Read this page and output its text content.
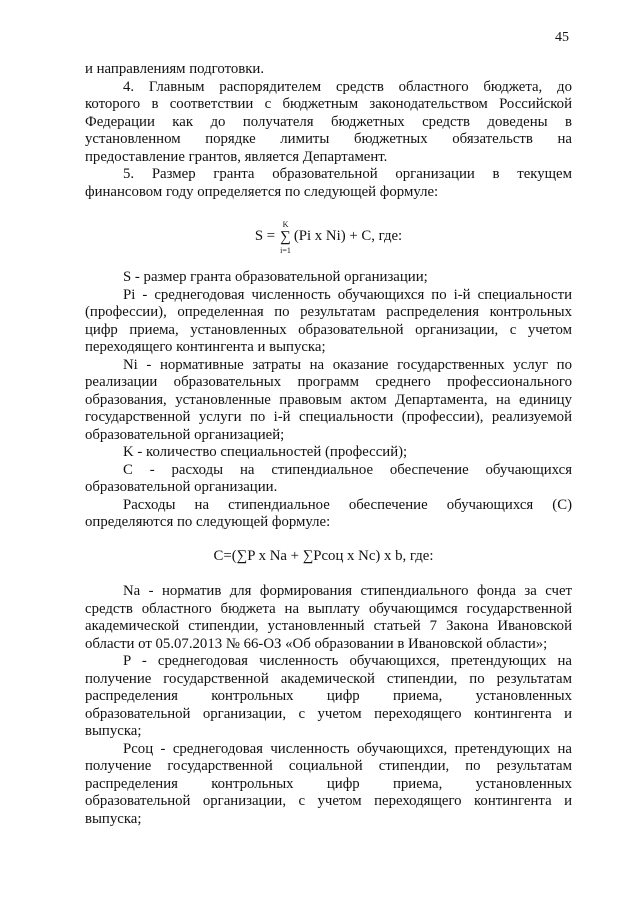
45
и направлениям подготовки.
4. Главным распорядителем средств областного бюджета, до
которого в соответствии с бюджетным законодательством Российской
Федерации как до получателя бюджетных средств доведены в
установленном порядке лимиты бюджетных обязательств на
предоставление грантов, является Департамент.
5. Размер гранта образовательной организации в текущем
финансовом году определяется по следующей формуле:
S =
K
∑
i=1
(Pi x Ni) + C, где:
S - размер гранта образовательной организации;
Pi - среднегодовая численность обучающихся по i-й специальности
(профессии), определенная по результатам распределения контрольных
цифр приема, установленных образовательной организации, с учетом
переходящего контингента и выпуска;
Ni - нормативные затраты на оказание государственных услуг по
реализации образовательных программ среднего профессионального
образования, установленные правовым актом Департамента, на единицу
государственной услуги по i-й специальности (профессии), реализуемой
образовательной организацией;
K - количество специальностей (профессий);
C - расходы на стипендиальное обеспечение обучающихся
образовательной организации.
Расходы на стипендиальное обеспечение обучающихся (C)
определяются по следующей формуле:
C=(∑P x Na + ∑Pсоц x Nc) x b, где:
Na - норматив для формирования стипендиального фонда за счет
средств областного бюджета на выплату обучающимся государственной
академической стипендии, установленный статьей 7 Закона Ивановской
области от 05.07.2013 № 66-ОЗ «Об образовании в Ивановской области»;
P - среднегодовая численность обучающихся, претендующих на
получение государственной академической стипендии, по результатам
распределения контрольных цифр приема, установленных
образовательной организации, с учетом переходящего контингента и
выпуска;
Pсоц - среднегодовая численность обучающихся, претендующих на
получение государственной социальной стипендии, по результатам
распределения контрольных цифр приема, установленных
образовательной организации, с учетом переходящего контингента и
выпуска;
